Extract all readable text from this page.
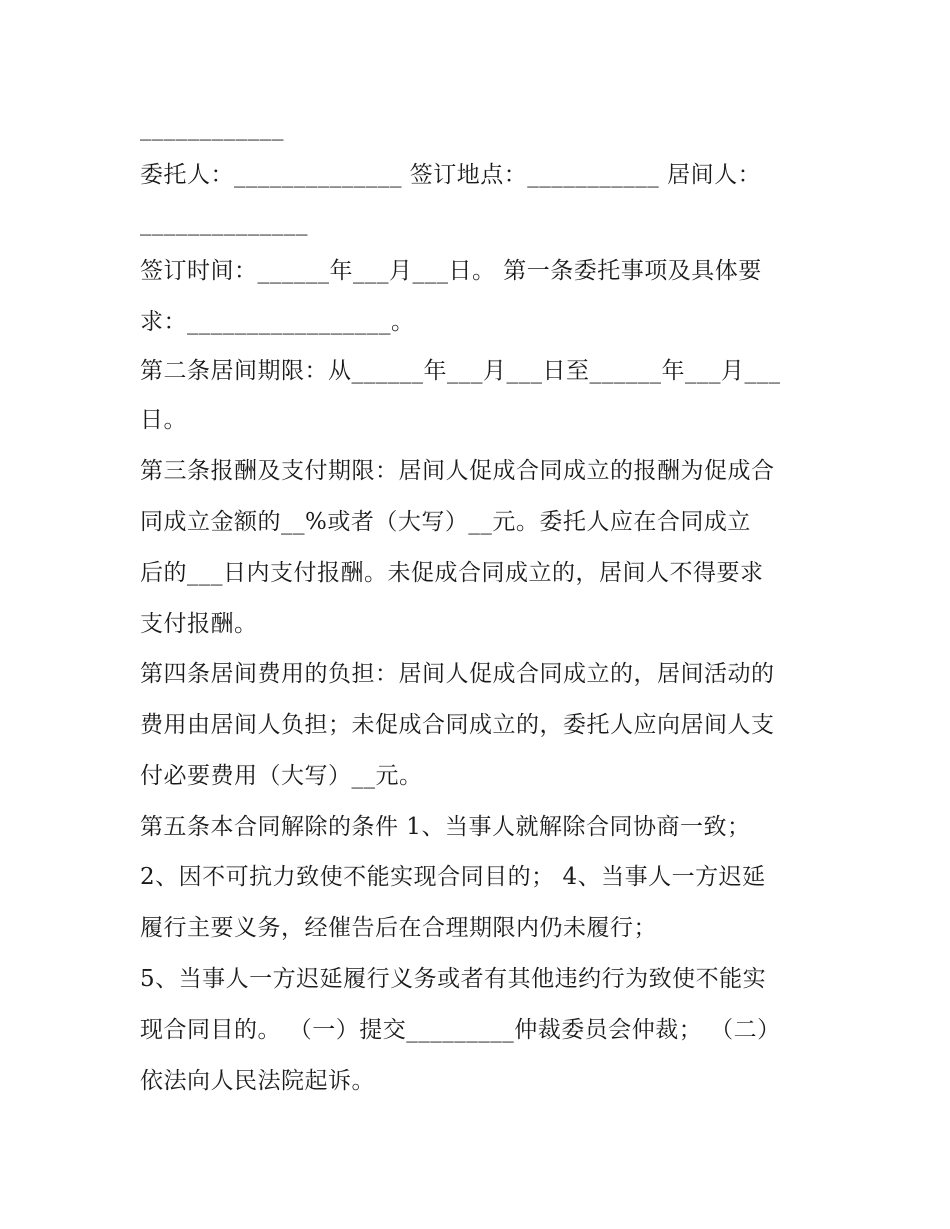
____________
委托人：______________ 签订地点：___________ 居间人：
______________
签订时间：______年___月___日。 第一条委托事项及具体要
求：_________________。
第二条居间期限：从______年___月___日至______年___月___
日。
第三条报酬及支付期限：居间人促成合同成立的报酬为促成合
同成立金额的__%或者（大写）__元。委托人应在合同成立
后的___日内支付报酬。未促成合同成立的，居间人不得要求
支付报酬。
第四条居间费用的负担：居间人促成合同成立的，居间活动的
费用由居间人负担；未促成合同成立的，委托人应向居间人支
付必要费用（大写）__元。
第五条本合同解除的条件 1、当事人就解除合同协商一致；
2、因不可抗力致使不能实现合同目的； 4、当事人一方迟延
履行主要义务，经催告后在合理期限内仍未履行；
5、当事人一方迟延履行义务或者有其他违约行为致使不能实
现合同目的。 （一）提交_________仲裁委员会仲裁； （二）
依法向人民法院起诉。
